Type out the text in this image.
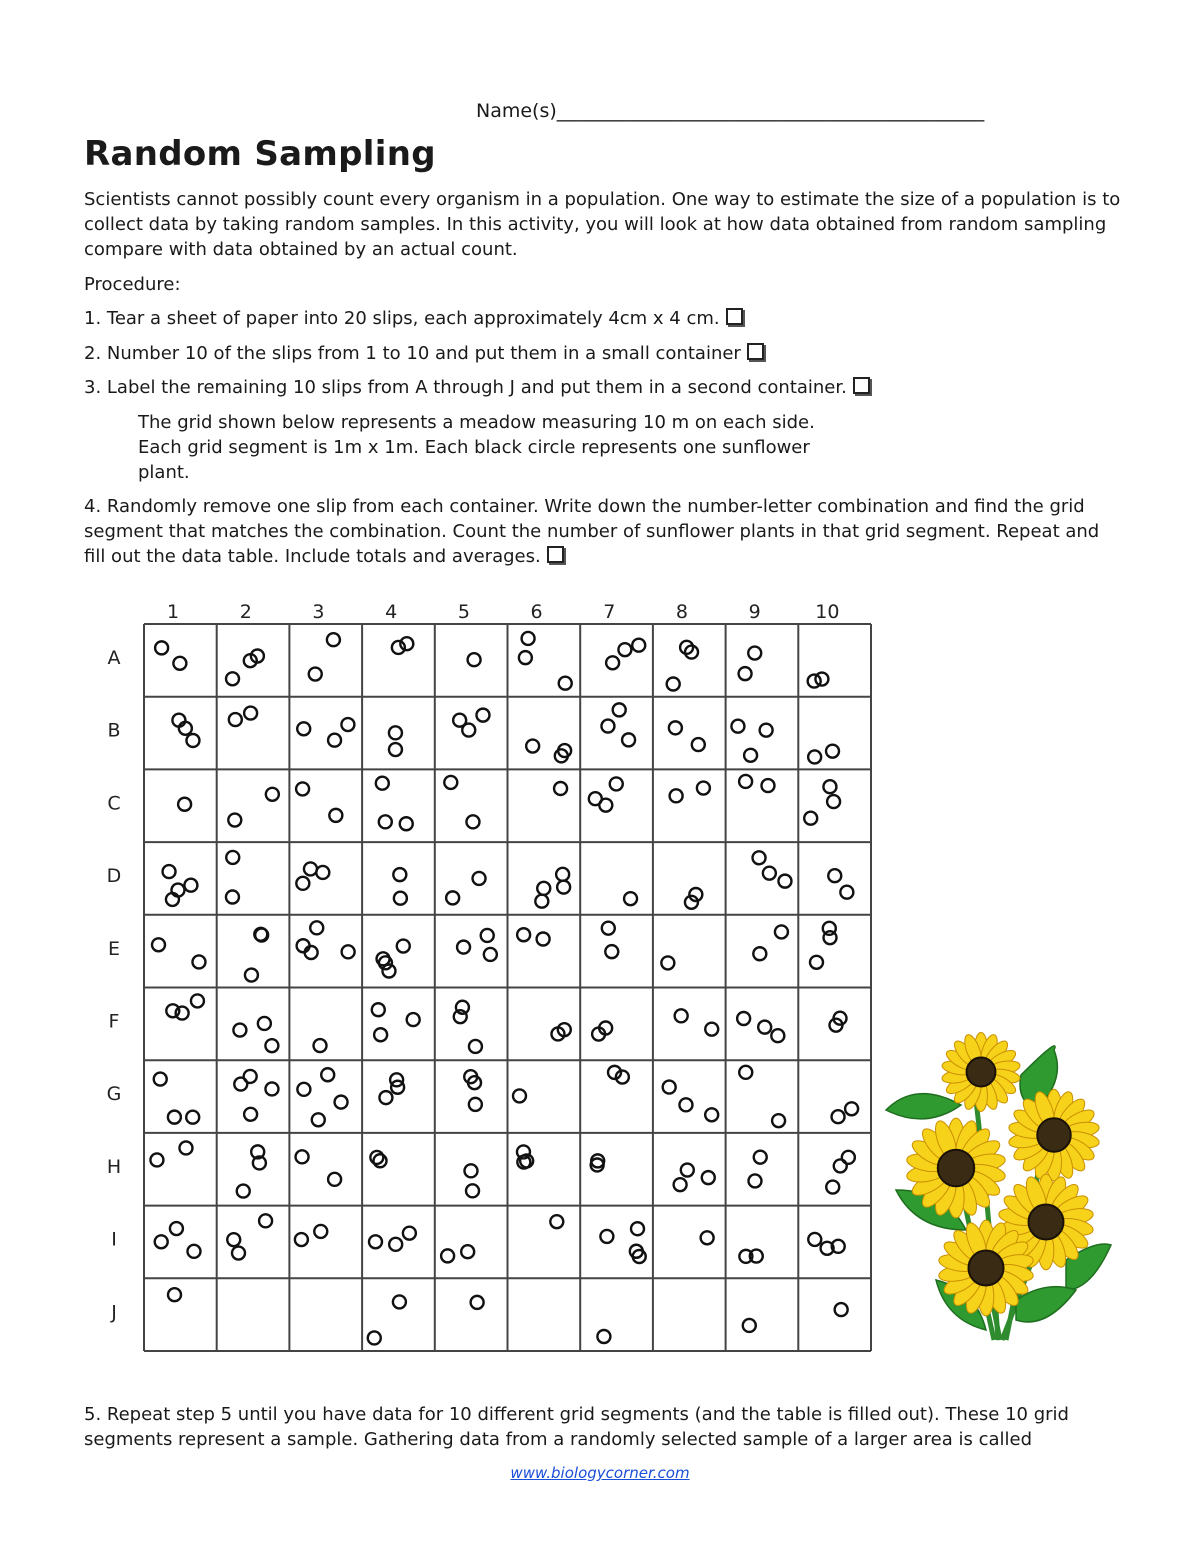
Name(s)_____________________________________________
Random Sampling

Scientists cannot possibly count every organism in a population. One way to estimate the size of a population is to collect data by taking random samples. In this activity, you will look at how data obtained from random sampling compare with data obtained by an actual count.

Procedure:

1. Tear a sheet of paper into 20 slips, each approximately 4cm x 4 cm.
2. Number 10 of the slips from 1 to 10 and put them in a small container
3. Label the remaining 10 slips from A through J and put them in a second container.

The grid shown below represents a meadow measuring 10 m on each side. Each grid segment is 1m x 1m. Each black circle represents one sunflower plant.

4. Randomly remove one slip from each container. Write down the number-letter combination and find the grid segment that matches the combination. Count the number of sunflower plants in that grid segment. Repeat and fill out the data table. Include totals and averages.
1	2	3	4	5	6	7	8	9	10
A
B
C
D
E
F
G
H
I
J

5. Repeat step 5 until you have data for 10 different grid segments (and the table is filled out). These 10 grid segments represent a sample. Gathering data from a randomly selected sample of a larger area is called

www.biologycorner.com
